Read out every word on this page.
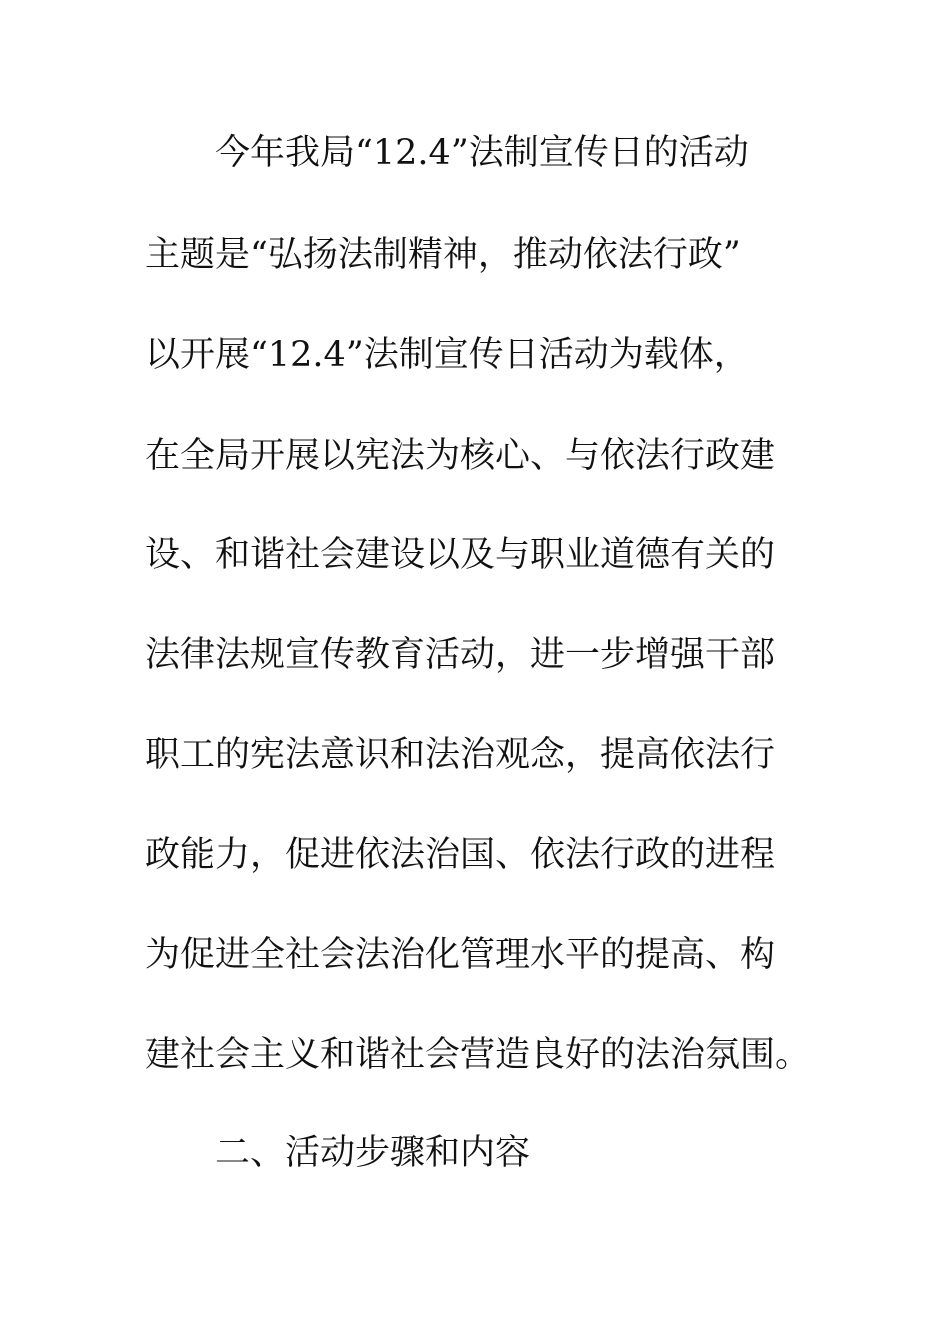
今年我局“12.4”法制宣传日的活动
主题是“弘扬法制精神，推动依法行政”
以开展“12.4”法制宣传日活动为载体，
在全局开展以宪法为核心、与依法行政建
设、和谐社会建设以及与职业道德有关的
法律法规宣传教育活动，进一步增强干部
职工的宪法意识和法治观念，提高依法行
政能力，促进依法治国、依法行政的进程
为促进全社会法治化管理水平的提高、构
建社会主义和谐社会营造良好的法治氛围。
二、活动步骤和内容
